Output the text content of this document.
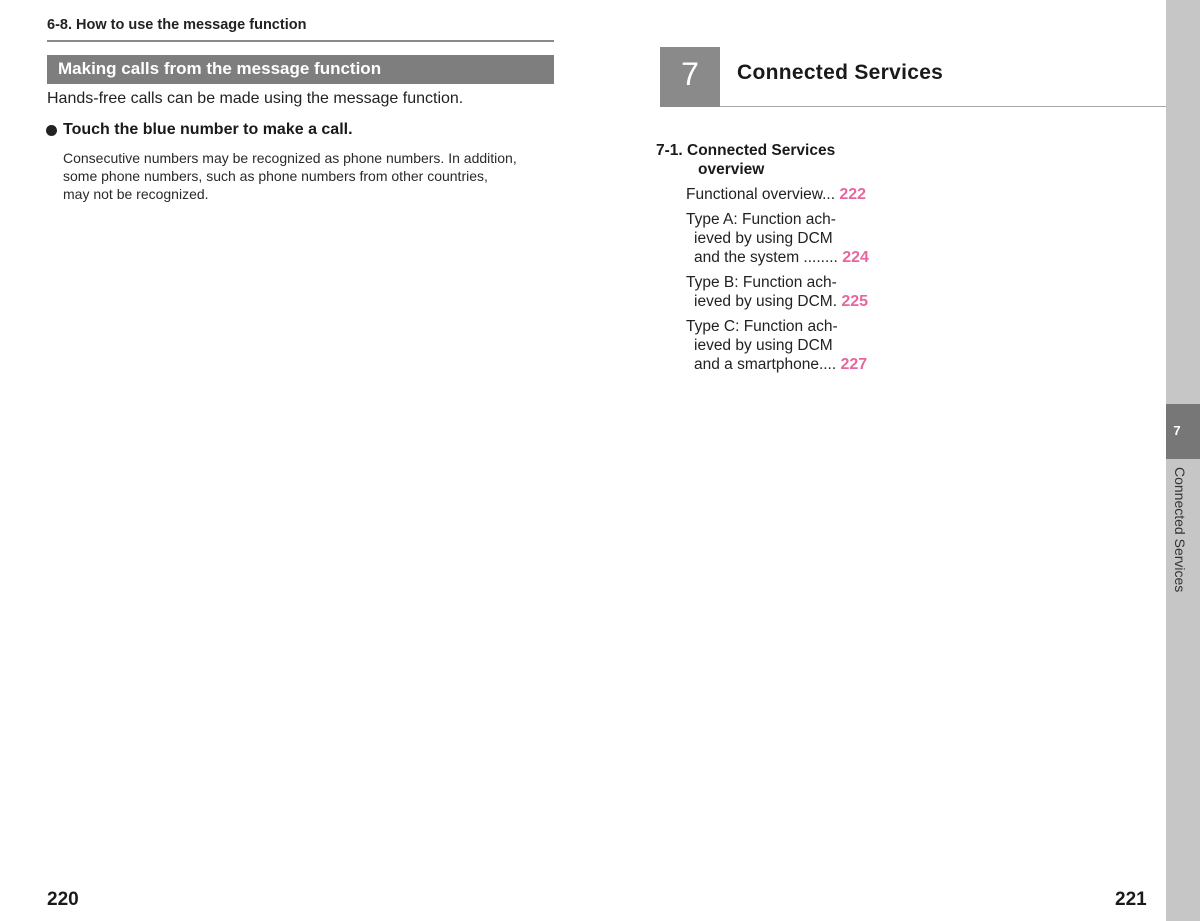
6-8. How to use the message function
Making calls from the message function
Hands-free calls can be made using the message function.
Touch the blue number to make a call.
Consecutive numbers may be recognized as phone numbers. In addition,
some phone numbers, such as phone numbers from other countries,
may not be recognized.
220
7	Connected Services
7-1. Connected Services
overview
Functional overview... 222
Type A: Function ach-
ieved by using DCM
and the system ........ 224
Type B: Function ach-
ieved by using DCM. 225
Type C: Function ach-
ieved by using DCM
and a smartphone.... 227
221
7
Connected Services
